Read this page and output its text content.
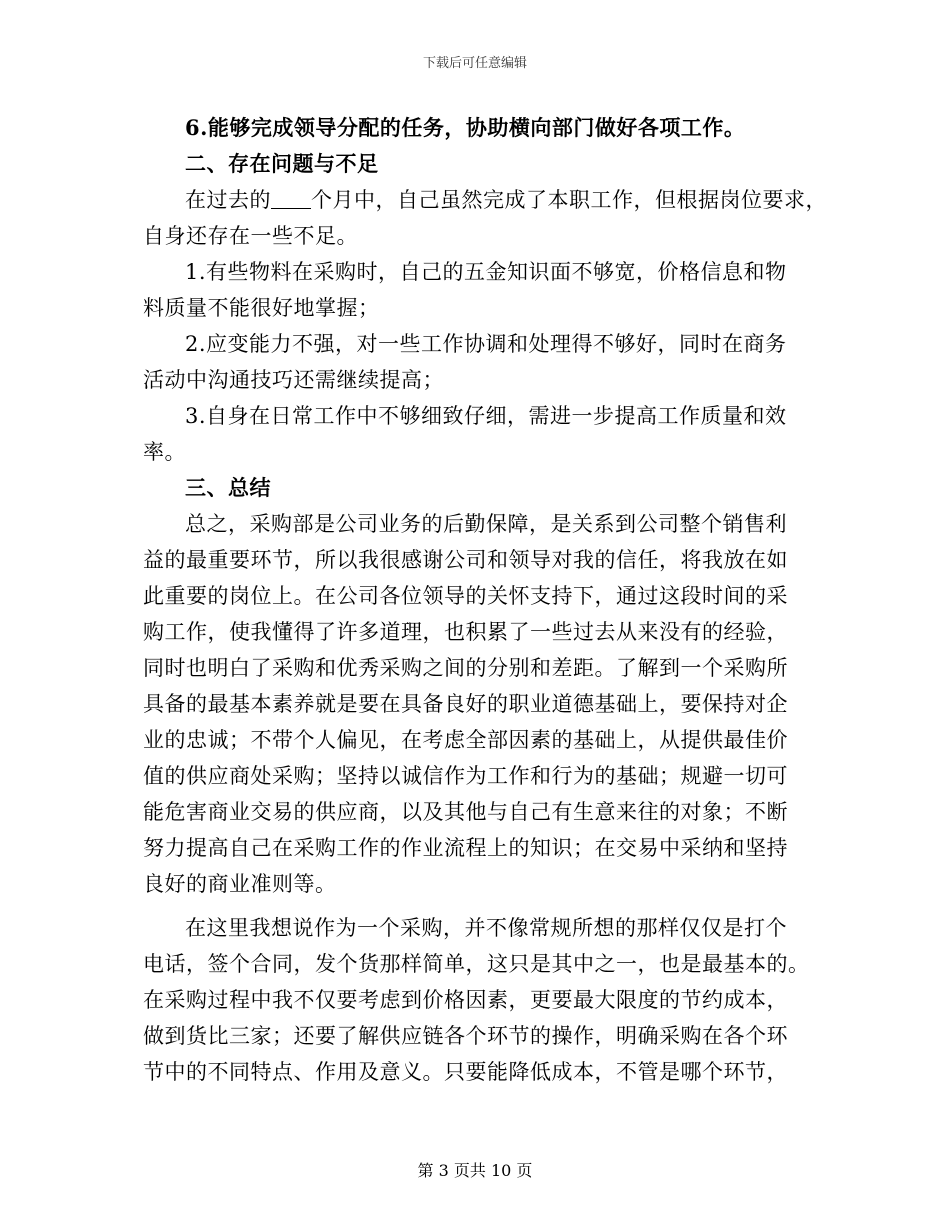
下载后可任意编辑
6.能够完成领导分配的任务，协助横向部门做好各项工作。
二、存在问题与不足
在过去的 个月中，自己虽然完成了本职工作，但根据岗位要求，
自身还存在一些不足。
1.有些物料在采购时，自己的五金知识面不够宽，价格信息和物
料质量不能很好地掌握；
2.应变能力不强，对一些工作协调和处理得不够好，同时在商务
活动中沟通技巧还需继续提高；
3.自身在日常工作中不够细致仔细，需进一步提高工作质量和效
率。
三、总结
总之，采购部是公司业务的后勤保障，是关系到公司整个销售利
益的最重要环节，所以我很感谢公司和领导对我的信任，将我放在如
此重要的岗位上。在公司各位领导的关怀支持下，通过这段时间的采
购工作，使我懂得了许多道理，也积累了一些过去从来没有的经验，
同时也明白了采购和优秀采购之间的分别和差距。了解到一个采购所
具备的最基本素养就是要在具备良好的职业道德基础上，要保持对企
业的忠诚；不带个人偏见，在考虑全部因素的基础上，从提供最佳价
值的供应商处采购；坚持以诚信作为工作和行为的基础；规避一切可
能危害商业交易的供应商，以及其他与自己有生意来往的对象；不断
努力提高自己在采购工作的作业流程上的知识；在交易中采纳和坚持
良好的商业准则等。
在这里我想说作为一个采购，并不像常规所想的那样仅仅是打个
电话，签个合同，发个货那样简单，这只是其中之一，也是最基本的。
在采购过程中我不仅要考虑到价格因素，更要最大限度的节约成本，
做到货比三家；还要了解供应链各个环节的操作，明确采购在各个环
节中的不同特点、作用及意义。只要能降低成本，不管是哪个环节，
第 3 页共 10 页
